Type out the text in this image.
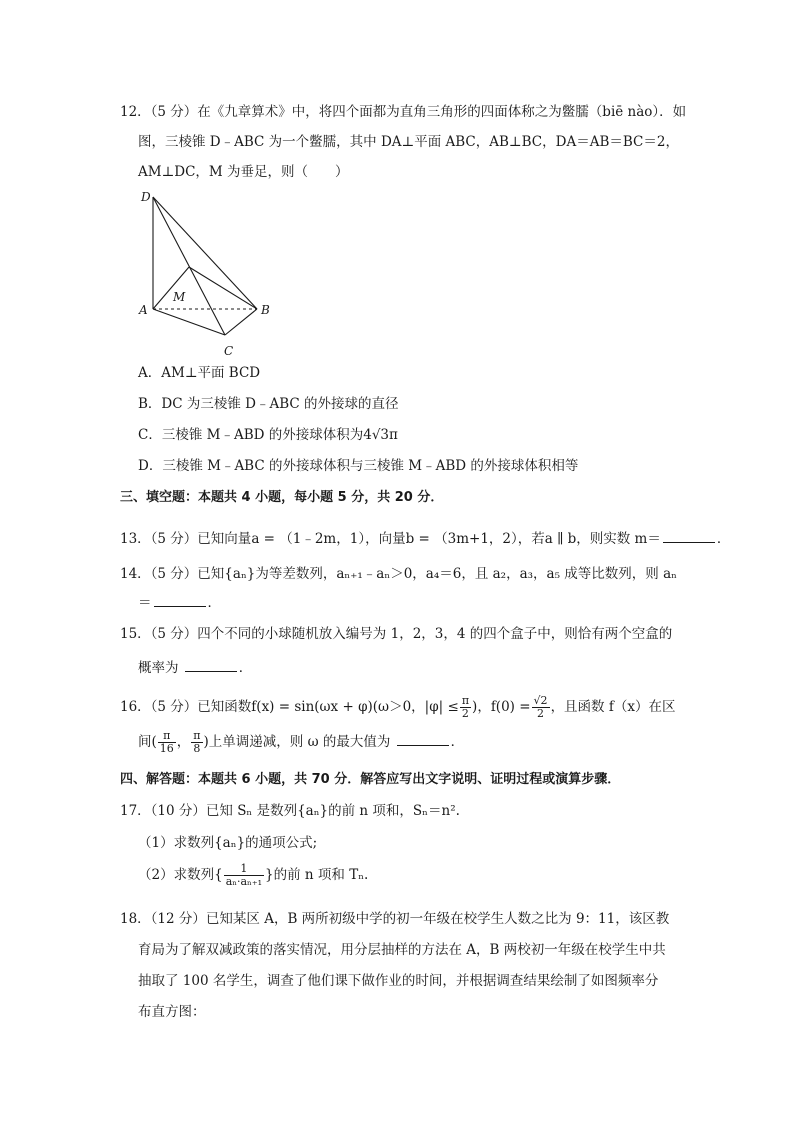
12．（5 分）在《九章算术》中，将四个面都为直角三角形的四面体称之为鳖臑（biē nào）．如
图，三棱锥 D﹣ABC 为一个鳖臑，其中 DA⊥平面 ABC，AB⊥BC，DA＝AB＝BC＝2，
AM⊥DC，M 为垂足，则（　　）
D
A	B
C
M
A．AM⊥平面 BCD
B．DC 为三棱锥 D﹣ABC 的外接球的直径
C．三棱锥 M﹣ABD 的外接球体积为4√3π
D．三棱锥 M﹣ABC 的外接球体积与三棱锥 M﹣ABD 的外接球体积相等
三、填空题：本题共 4 小题，每小题 5 分，共 20 分．
13．（5 分）已知向量a = （1﹣2m，1），向量b = （3m+1，2），若a ∥ b，则实数 m＝	．
14．（5 分）已知{aₙ}为等差数列，aₙ₊₁﹣aₙ＞0，a₄＝6，且 a₂，a₃，a₅ 成等比数列，则 aₙ
＝	．
15．（5 分）四个不同的小球随机放入编号为 1，2，3，4 的四个盒子中，则恰有两个空盒的
概率为	．
16．（5 分）已知函数f(x) = sin(ωx + φ)(ω＞0，$|\varphi| \le \frac{\pi}{2}$ )，$f(0) = \frac{√2}{2}$ ，且函数 f（x）在区
间( $\frac{\pi}{16}$ ， $\frac{\pi}{8}$ )上单调递减，则 ω 的最大值为	．
四、解答题：本题共 6 小题，共 70 分．解答应写出文字说明、证明过程或演算步骤．
17．（10 分）已知 Sₙ 是数列{aₙ}的前 n 项和，Sₙ＝n².
（1）求数列{aₙ}的通项公式;
（2）求数列{ $\frac{1}{\text{aₙ·aₙ₊₁}}$ }的前 n 项和 Tₙ.
18．（12 分）已知某区 A，B 两所初级中学的初一年级在校学生人数之比为 9：11，该区教
育局为了解双减政策的落实情况，用分层抽样的方法在 A，B 两校初一年级在校学生中共
抽取了 100 名学生，调查了他们课下做作业的时间，并根据调查结果绘制了如图频率分
布直方图：
